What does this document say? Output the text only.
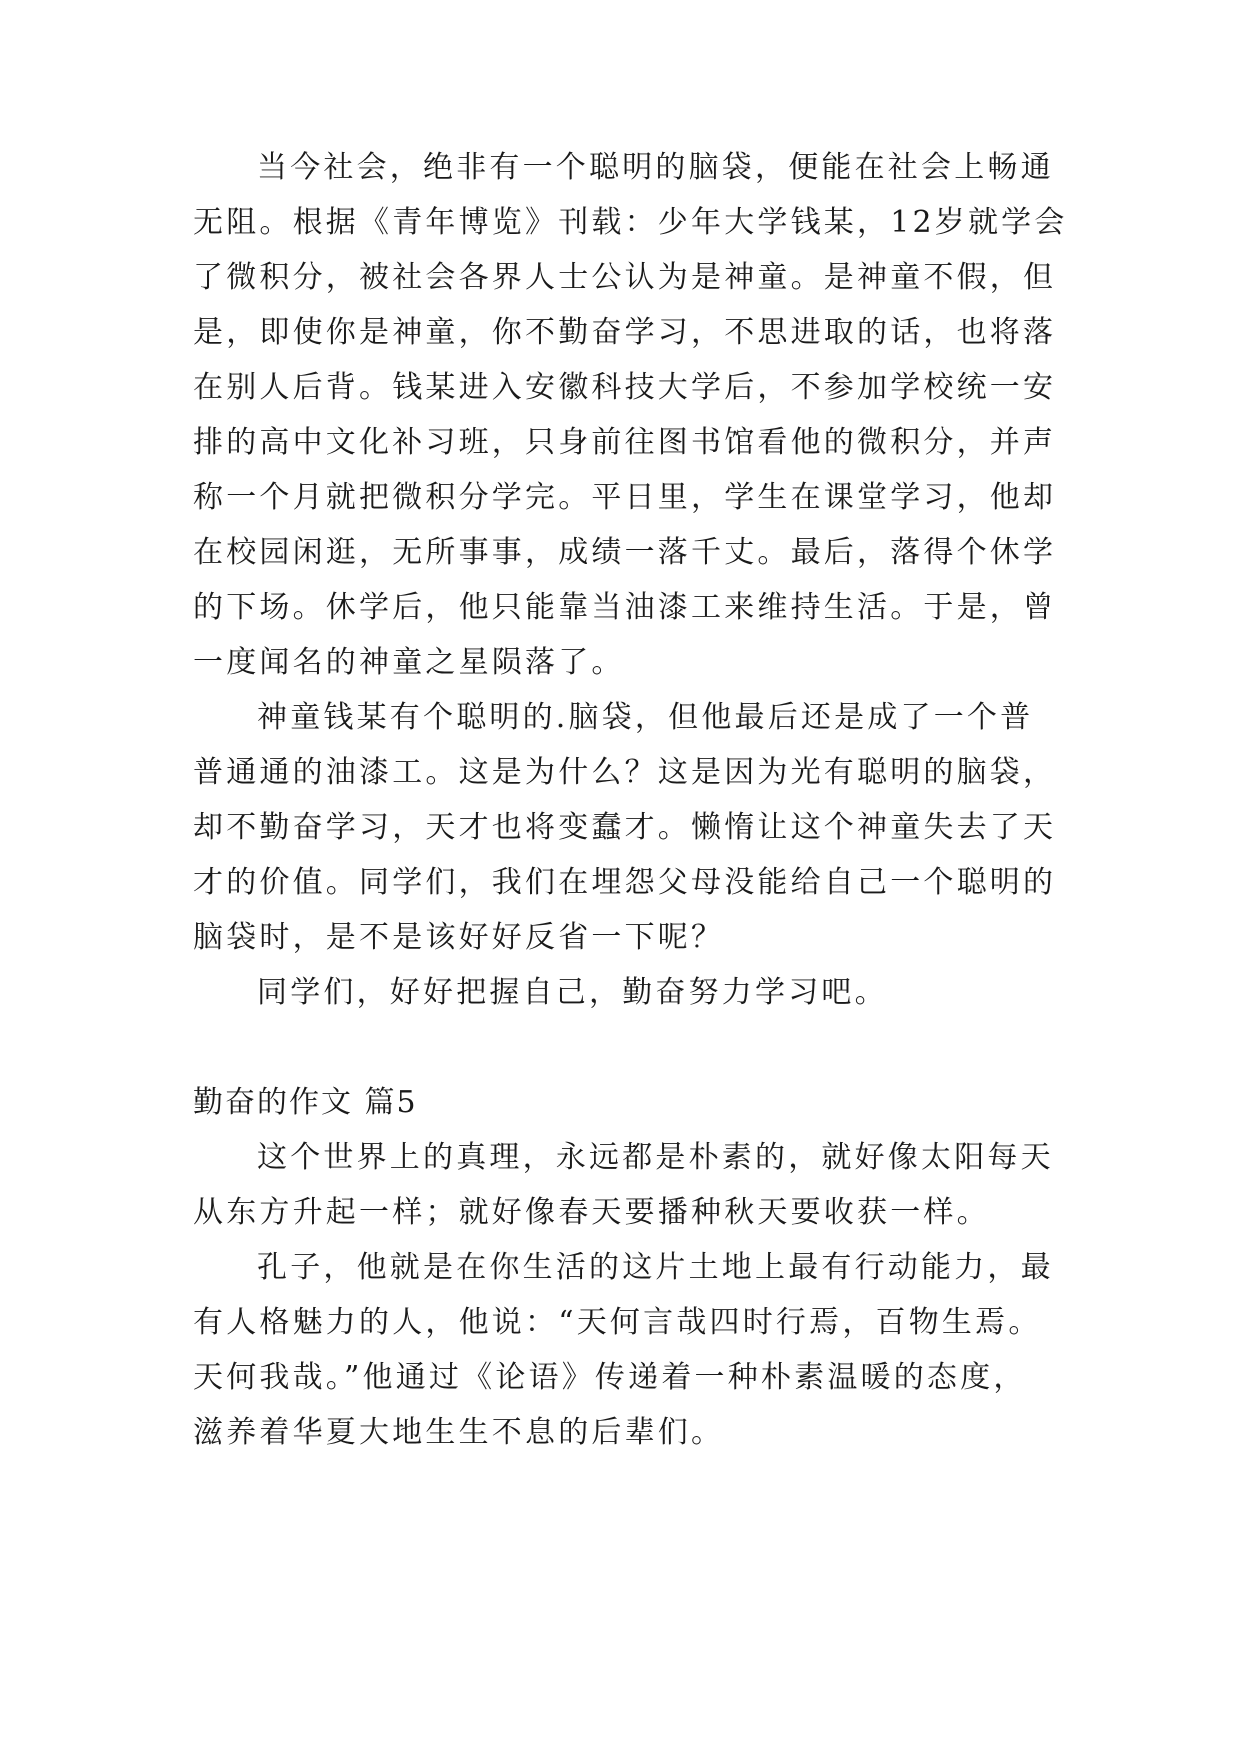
当今社会，绝非有一个聪明的脑袋，便能在社会上畅通
无阻。根据《青年博览》刊载：少年大学钱某，12岁就学会
了微积分，被社会各界人士公认为是神童。是神童不假，但
是，即使你是神童，你不勤奋学习，不思进取的话，也将落
在别人后背。钱某进入安徽科技大学后，不参加学校统一安
排的高中文化补习班，只身前往图书馆看他的微积分，并声
称一个月就把微积分学完。平日里，学生在课堂学习，他却
在校园闲逛，无所事事，成绩一落千丈。最后，落得个休学
的下场。休学后，他只能靠当油漆工来维持生活。于是，曾
一度闻名的神童之星陨落了。
神童钱某有个聪明的.脑袋，但他最后还是成了一个普
普通通的油漆工。这是为什么？这是因为光有聪明的脑袋，
却不勤奋学习，天才也将变蠢才。懒惰让这个神童失去了天
才的价值。同学们，我们在埋怨父母没能给自己一个聪明的
脑袋时，是不是该好好反省一下呢？
同学们，好好把握自己，勤奋努力学习吧。
勤奋的作文 篇5
这个世界上的真理，永远都是朴素的，就好像太阳每天
从东方升起一样；就好像春天要播种秋天要收获一样。
孔子，他就是在你生活的这片土地上最有行动能力，最
有人格魅力的人，他说：“天何言哉四时行焉，百物生焉。
天何我哉。”他通过《论语》传递着一种朴素温暖的态度，
滋养着华夏大地生生不息的后辈们。
